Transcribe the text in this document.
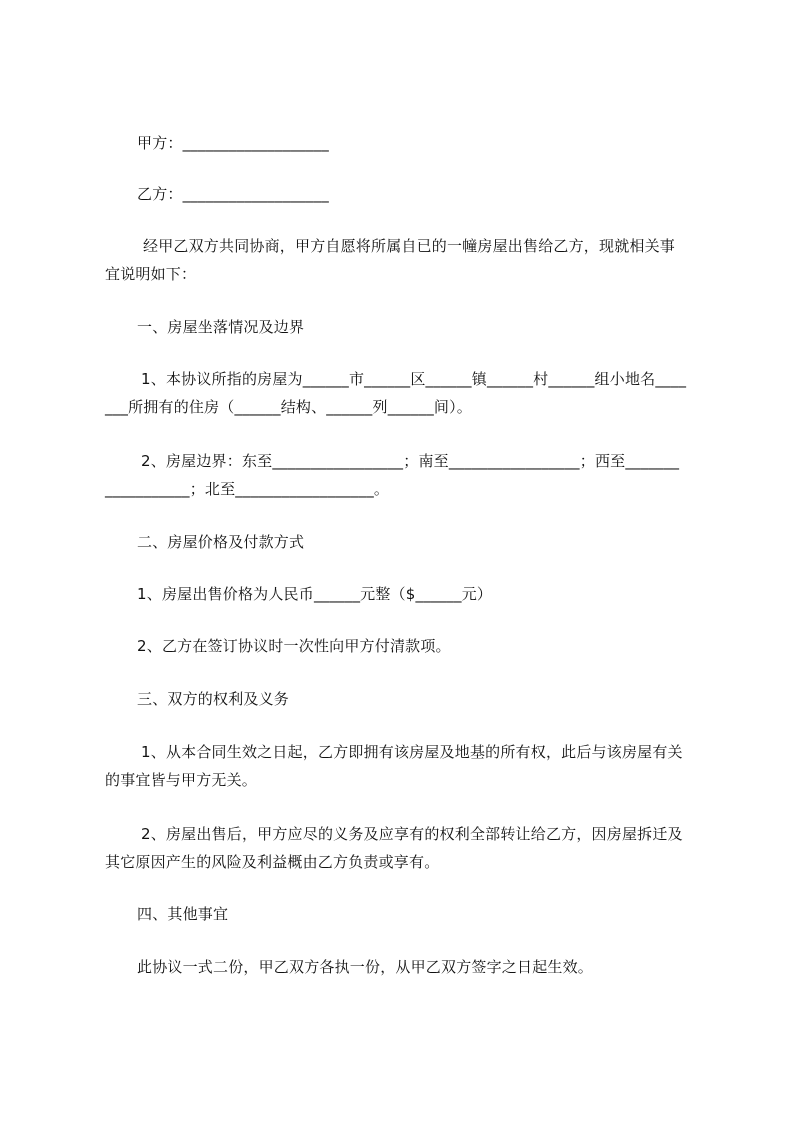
甲方：___________________
乙方：___________________
经甲乙双方共同协商，甲方自愿将所属自已的一幢房屋出售给乙方，现就相关事
宜说明如下：
一、房屋坐落情况及边界
1、本协议所指的房屋为______市______区______镇______村______组小地名____
___所拥有的住房（______结构、______列______间）。
2、房屋边界：东至_________________；南至_________________；西至_______
___________；北至__________________。
二、房屋价格及付款方式
1、房屋出售价格为人民币______元整（$______元）
2、乙方在签订协议时一次性向甲方付清款项。
三、双方的权利及义务
1、从本合同生效之日起，乙方即拥有该房屋及地基的所有权，此后与该房屋有关
的事宜皆与甲方无关。
2、房屋出售后，甲方应尽的义务及应享有的权利全部转让给乙方，因房屋拆迁及
其它原因产生的风险及利益概由乙方负责或享有。
四、其他事宜
此协议一式二份，甲乙双方各执一份，从甲乙双方签字之日起生效。
